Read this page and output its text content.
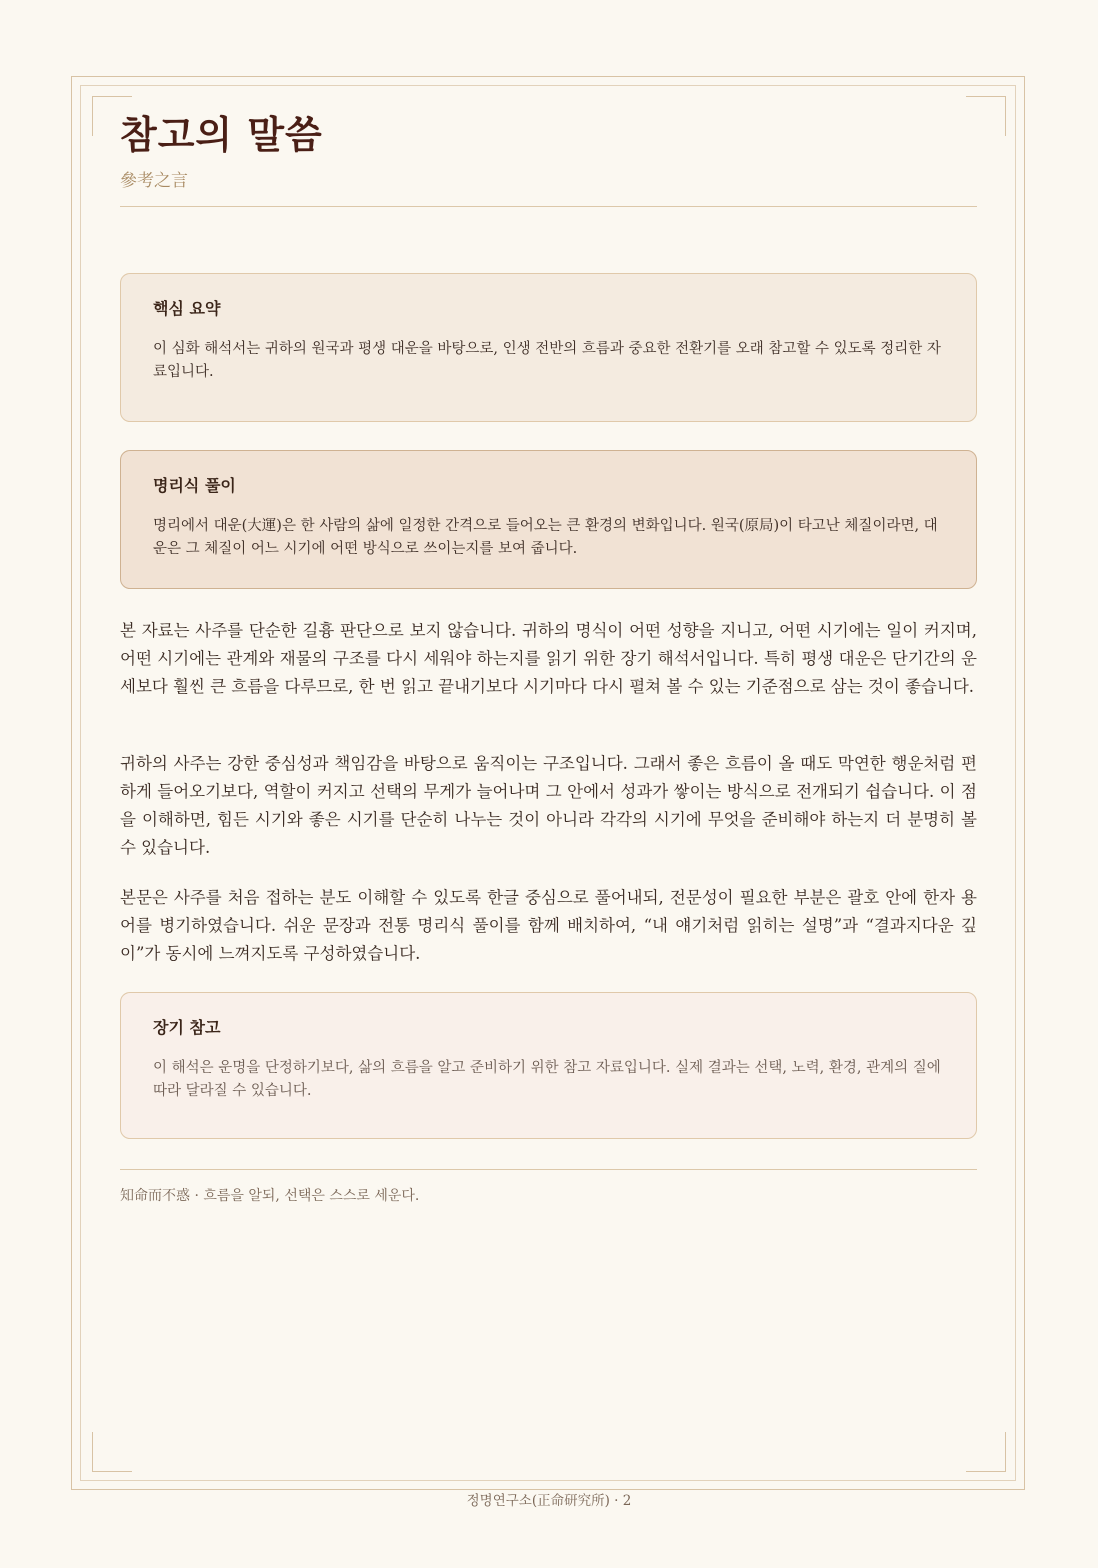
참고의 말씀
參考之言
핵심 요약

이 심화 해석서는 귀하의 원국과 평생 대운을 바탕으로, 인생 전반의 흐름과 중요한 전환기를 오래 참고할 수 있도록 정리한 자료입니다.

명리식 풀이

명리에서 대운(大運)은 한 사람의 삶에 일정한 간격으로 들어오는 큰 환경의 변화입니다. 원국(原局)이 타고난 체질이라면, 대운은 그 체질이 어느 시기에 어떤 방식으로 쓰이는지를 보여 줍니다.

본 자료는 사주를 단순한 길흉 판단으로 보지 않습니다. 귀하의 명식이 어떤 성향을 지니고, 어떤 시기에는 일이 커지며, 어떤 시기에는 관계와 재물의 구조를 다시 세워야 하는지를 읽기 위한 장기 해석서입니다. 특히 평생 대운은 단기간의 운세보다 훨씬 큰 흐름을 다루므로, 한 번 읽고 끝내기보다 시기마다 다시 펼쳐 볼 수 있는 기준점으로 삼는 것이 좋습니다.

귀하의 사주는 강한 중심성과 책임감을 바탕으로 움직이는 구조입니다. 그래서 좋은 흐름이 올 때도 막연한 행운처럼 편하게 들어오기보다, 역할이 커지고 선택의 무게가 늘어나며 그 안에서 성과가 쌓이는 방식으로 전개되기 쉽습니다. 이 점을 이해하면, 힘든 시기와 좋은 시기를 단순히 나누는 것이 아니라 각각의 시기에 무엇을 준비해야 하는지 더 분명히 볼 수 있습니다.

본문은 사주를 처음 접하는 분도 이해할 수 있도록 한글 중심으로 풀어내되, 전문성이 필요한 부분은 괄호 안에 한자 용어를 병기하였습니다. 쉬운 문장과 전통 명리식 풀이를 함께 배치하여, “내 얘기처럼 읽히는 설명”과 “결과지다운 깊이”가 동시에 느껴지도록 구성하였습니다.

장기 참고

이 해석은 운명을 단정하기보다, 삶의 흐름을 알고 준비하기 위한 참고 자료입니다. 실제 결과는 선택, 노력, 환경, 관계의 질에 따라 달라질 수 있습니다.

知命而不惑 · 흐름을 알되, 선택은 스스로 세운다.
정명연구소(正命研究所) · 2
